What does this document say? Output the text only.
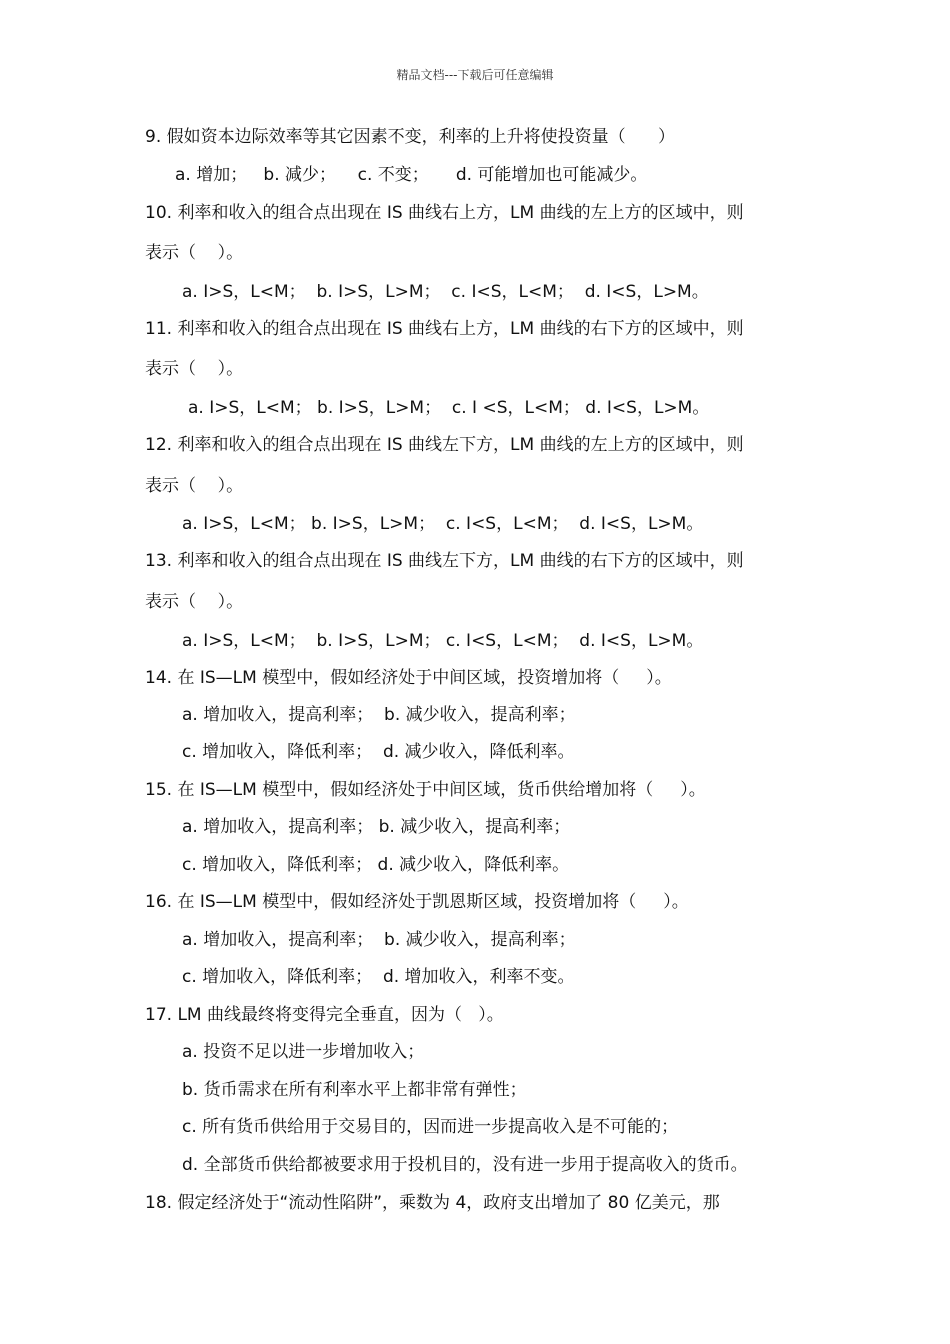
精品文档---下载后可任意编辑
9. 假如资本边际效率等其它因素不变，利率的上升将使投资量（      ）
a. 增加；   b. 减少；    c. 不变；     d. 可能增加也可能减少。
10. 利率和收入的组合点出现在 IS 曲线右上方，LM 曲线的左上方的区域中，则
表示（    ）。
a. I>S，L<M；  b. I>S，L>M；  c. I<S，L<M；  d. I<S，L>M。
11. 利率和收入的组合点出现在 IS 曲线右上方，LM 曲线的右下方的区域中，则
表示（    ）。
a. I>S，L<M； b. I>S，L>M；  c. I <S，L<M； d. I<S，L>M。
12. 利率和收入的组合点出现在 IS 曲线左下方，LM 曲线的左上方的区域中，则
表示（    ）。
a. I>S，L<M； b. I>S，L>M；  c. I<S，L<M；  d. I<S，L>M。
13. 利率和收入的组合点出现在 IS 曲线左下方，LM 曲线的右下方的区域中，则
表示（    ）。
a. I>S，L<M；  b. I>S，L>M； c. I<S，L<M；  d. I<S，L>M。
14. 在 IS—LM 模型中，假如经济处于中间区域，投资增加将（     ）。
a. 增加收入，提高利率；  b. 减少收入，提高利率；
c. 增加收入，降低利率；  d. 减少收入，降低利率。
15. 在 IS—LM 模型中，假如经济处于中间区域，货币供给增加将（     ）。
a. 增加收入，提高利率； b. 减少收入，提高利率；
c. 增加收入，降低利率； d. 减少收入，降低利率。
16. 在 IS—LM 模型中，假如经济处于凯恩斯区域，投资增加将（     ）。
a. 增加收入，提高利率；  b. 减少收入，提高利率；
c. 增加收入，降低利率；  d. 增加收入，利率不变。
17. LM 曲线最终将变得完全垂直，因为（   ）。
a. 投资不足以进一步增加收入；
b. 货币需求在所有利率水平上都非常有弹性；
c. 所有货币供给用于交易目的，因而进一步提高收入是不可能的；
d. 全部货币供给都被要求用于投机目的，没有进一步用于提高收入的货币。
18. 假定经济处于“流动性陷阱”，乘数为 4，政府支出增加了 80 亿美元，那
